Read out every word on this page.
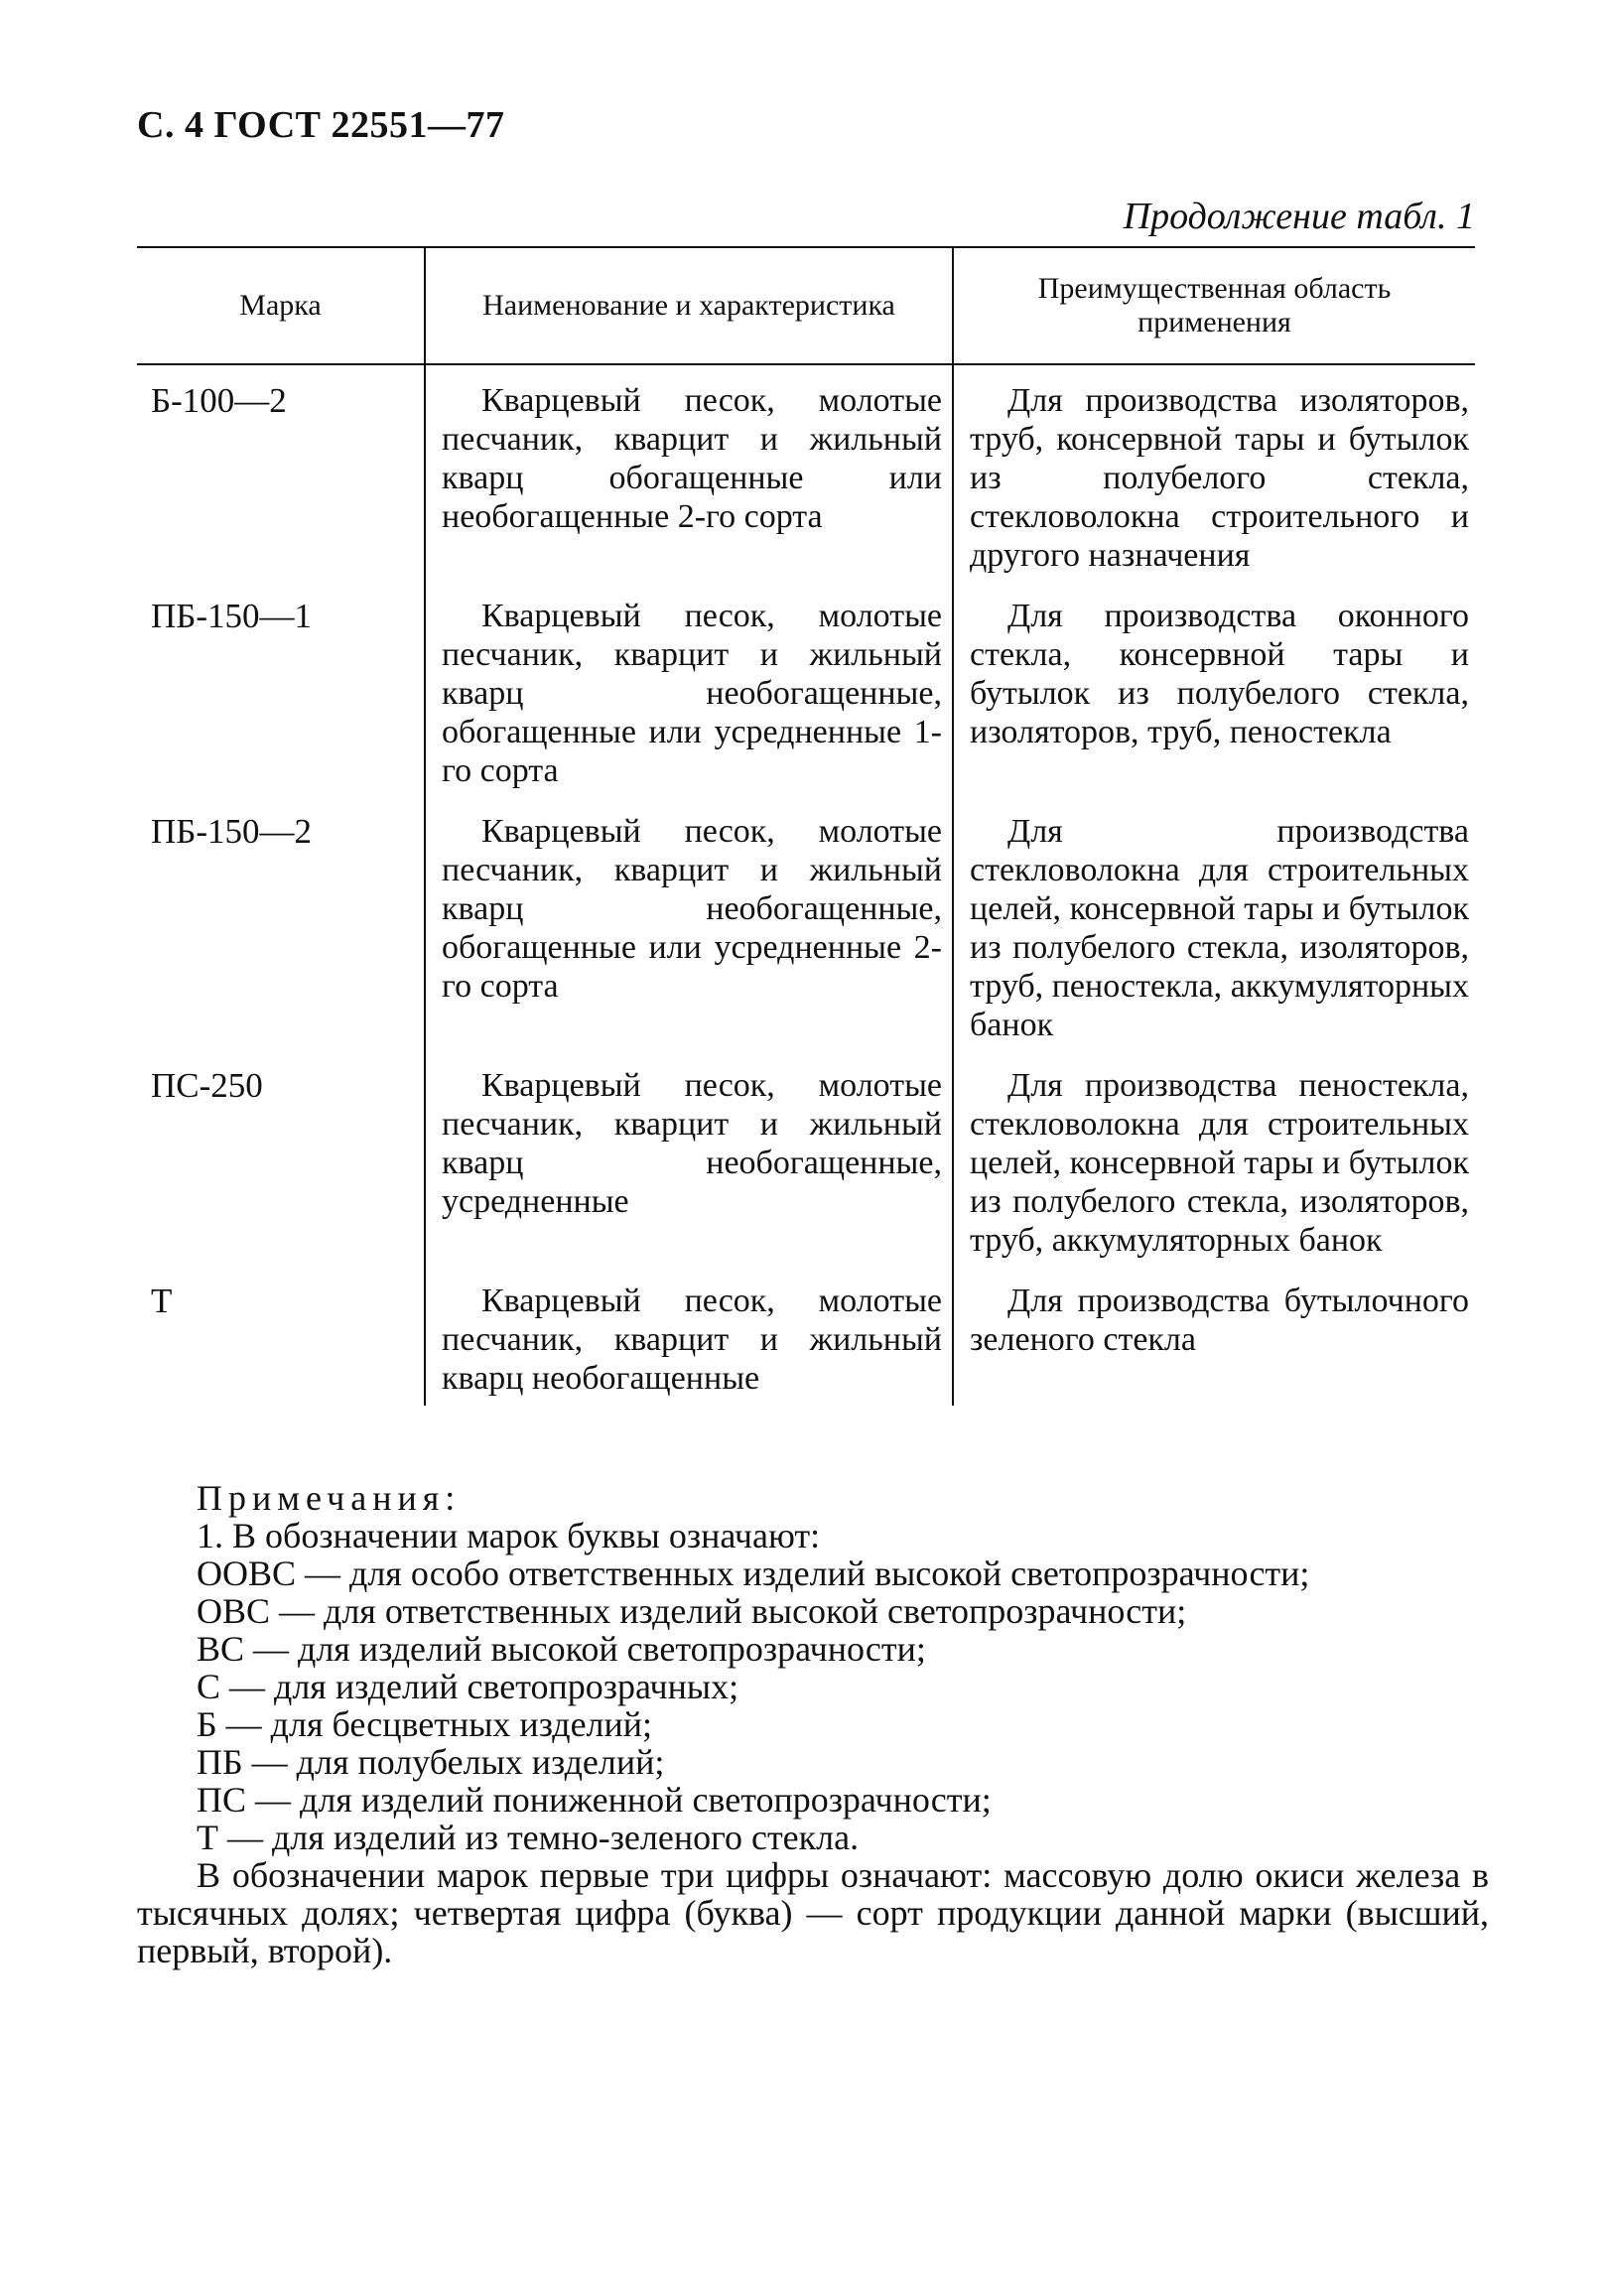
С. 4 ГОСТ 22551—77
Продолжение табл. 1
Марка	Наименование и характеристика	Преимущественная область применения
Б-100—2	Кварцевый песок, молотые песчаник, кварцит и жильный кварц обогащенные или необогащенные 2-го сорта	Для производства изоляторов, труб, консервной тары и бутылок из полубелого стекла, стекловолокна строительного и другого назначения
ПБ-150—1	Кварцевый песок, молотые песчаник, кварцит и жильный кварц необогащенные, обогащенные или усредненные 1-го сорта	Для производства оконного стекла, консервной тары и бутылок из полубелого стекла, изоляторов, труб, пеностекла
ПБ-150—2	Кварцевый песок, молотые песчаник, кварцит и жильный кварц необогащенные, обогащенные или усредненные 2-го сорта	Для производства стекловолокна для строительных целей, консервной тары и бутылок из полубелого стекла, изоляторов, труб, пеностекла, аккумуляторных банок
ПС-250	Кварцевый песок, молотые песчаник, кварцит и жильный кварц необогащенные, усредненные	Для производства пеностекла, стекловолокна для строительных целей, консервной тары и бутылок из полубелого стекла, изоляторов, труб, аккумуляторных банок
Т	Кварцевый песок, молотые песчаник, кварцит и жильный кварц необогащенные	Для производства бутылочного зеленого стекла

Примечания:

1. В обозначении марок буквы означают:

ООВС — для особо ответственных изделий высокой светопрозрачности;

ОВС — для ответственных изделий высокой светопрозрачности;

ВС — для изделий высокой светопрозрачности;

С — для изделий светопрозрачных;

Б — для бесцветных изделий;

ПБ — для полубелых изделий;

ПС — для изделий пониженной светопрозрачности;

Т — для изделий из темно-зеленого стекла.

В обозначении марок первые три цифры означают: массовую долю окиси железа в тысячных долях; четвертая цифра (буква) — сорт продукции данной марки (высший, первый, второй).
